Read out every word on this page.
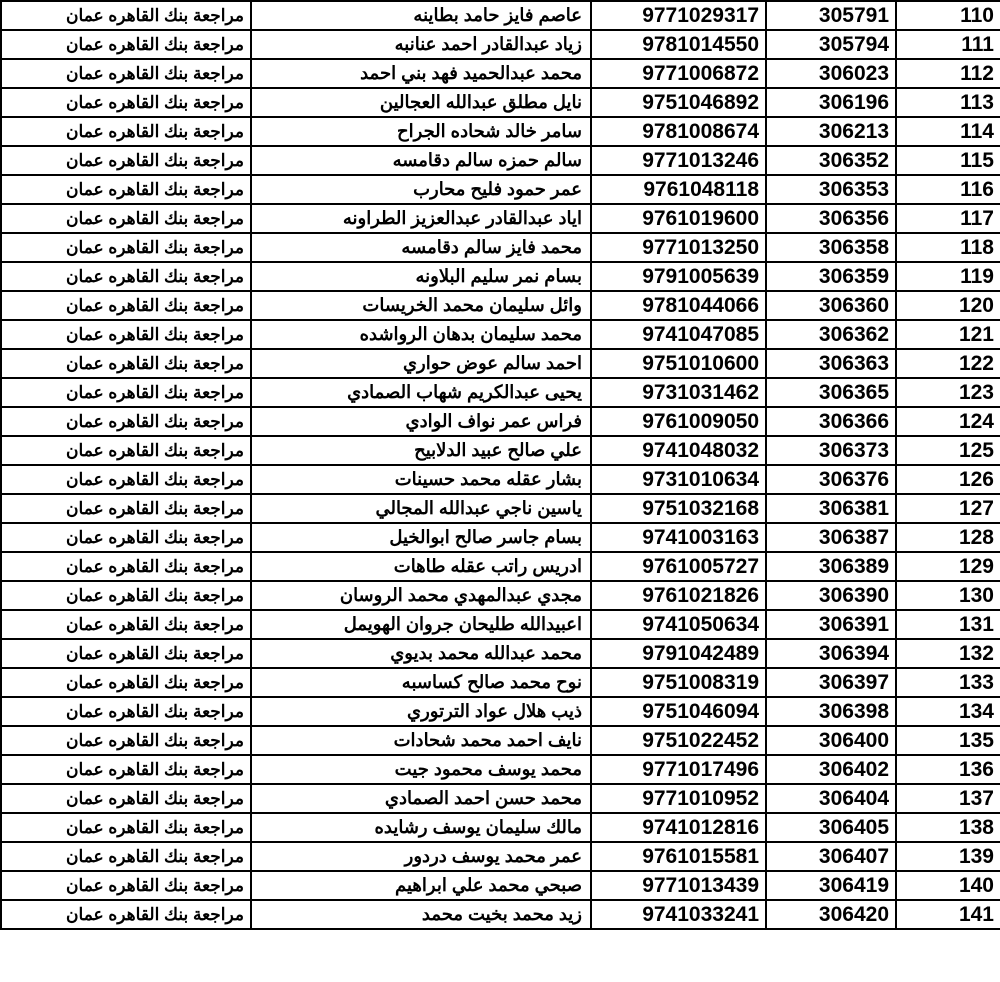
مراجعة بنك القاهره عمان	عاصم فايز حامد بطاينه	9771029317	305791	110
مراجعة بنك القاهره عمان	زياد عبدالقادر احمد عنانبه	9781014550	305794	111
مراجعة بنك القاهره عمان	محمد عبدالحميد فهد بني احمد	9771006872	306023	112
مراجعة بنك القاهره عمان	نايل مطلق عبدالله العجالين	9751046892	306196	113
مراجعة بنك القاهره عمان	سامر خالد شحاده الجراح	9781008674	306213	114
مراجعة بنك القاهره عمان	سالم حمزه سالم دقامسه	9771013246	306352	115
مراجعة بنك القاهره عمان	عمر حمود فليح محارب	9761048118	306353	116
مراجعة بنك القاهره عمان	اياد عبدالقادر عبدالعزيز الطراونه	9761019600	306356	117
مراجعة بنك القاهره عمان	محمد فايز سالم دقامسه	9771013250	306358	118
مراجعة بنك القاهره عمان	بسام نمر سليم البلاونه	9791005639	306359	119
مراجعة بنك القاهره عمان	وائل سليمان محمد الخريسات	9781044066	306360	120
مراجعة بنك القاهره عمان	محمد سليمان بدهان الرواشده	9741047085	306362	121
مراجعة بنك القاهره عمان	احمد سالم عوض حواري	9751010600	306363	122
مراجعة بنك القاهره عمان	يحيى عبدالكريم شهاب الصمادي	9731031462	306365	123
مراجعة بنك القاهره عمان	فراس عمر نواف الوادي	9761009050	306366	124
مراجعة بنك القاهره عمان	علي صالح عبيد الدلابيح	9741048032	306373	125
مراجعة بنك القاهره عمان	بشار عقله محمد حسينات	9731010634	306376	126
مراجعة بنك القاهره عمان	ياسين ناجي عبدالله المجالي	9751032168	306381	127
مراجعة بنك القاهره عمان	بسام جاسر صالح ابوالخيل	9741003163	306387	128
مراجعة بنك القاهره عمان	ادريس راتب عقله طاهات	9761005727	306389	129
مراجعة بنك القاهره عمان	مجدي عبدالمهدي محمد الروسان	9761021826	306390	130
مراجعة بنك القاهره عمان	اعبيدالله طليحان جروان الهويمل	9741050634	306391	131
مراجعة بنك القاهره عمان	محمد عبدالله محمد بديوي	9791042489	306394	132
مراجعة بنك القاهره عمان	نوح محمد صالح كساسبه	9751008319	306397	133
مراجعة بنك القاهره عمان	ذيب هلال عواد الترتوري	9751046094	306398	134
مراجعة بنك القاهره عمان	نايف احمد محمد شحادات	9751022452	306400	135
مراجعة بنك القاهره عمان	محمد يوسف محمود جيت	9771017496	306402	136
مراجعة بنك القاهره عمان	محمد حسن احمد الصمادي	9771010952	306404	137
مراجعة بنك القاهره عمان	مالك سليمان يوسف رشايده	9741012816	306405	138
مراجعة بنك القاهره عمان	عمر محمد يوسف دردور	9761015581	306407	139
مراجعة بنك القاهره عمان	صبحي محمد علي ابراهيم	9771013439	306419	140
مراجعة بنك القاهره عمان	زيد محمد بخيت محمد	9741033241	306420	141
